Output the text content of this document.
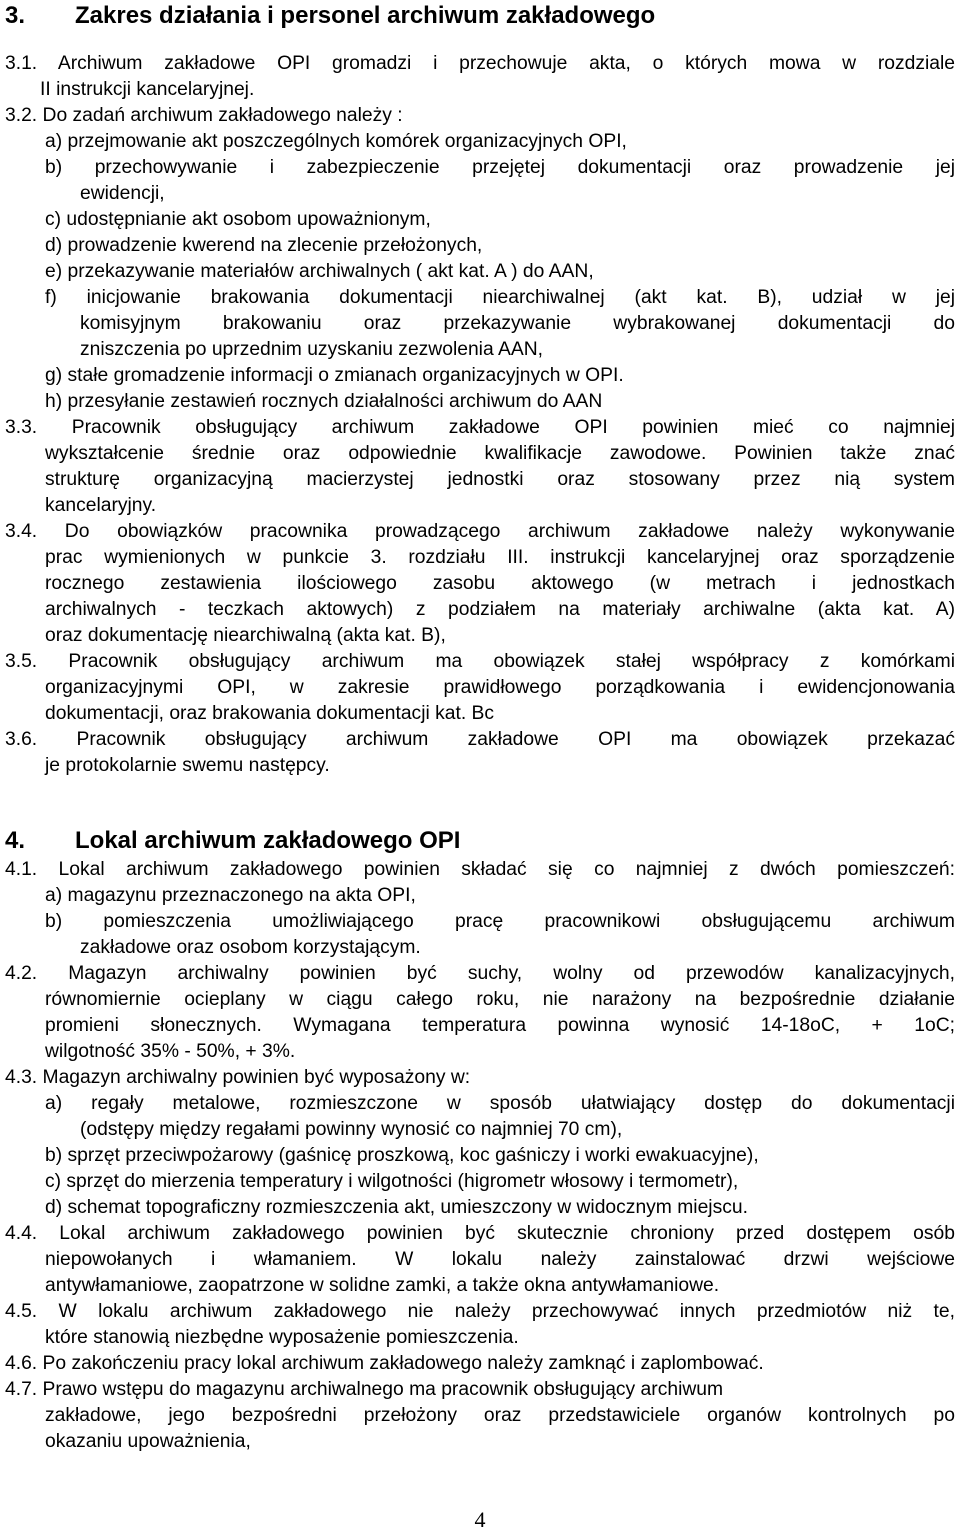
3. Zakres działania i personel archiwum zakładowego
3.1. Archiwum zakładowe OPI gromadzi i przechowuje akta, o których mowa w rozdziale
II instrukcji kancelaryjnej.
3.2. Do zadań archiwum zakładowego należy :
a) przejmowanie akt poszczególnych komórek organizacyjnych OPI,
b) przechowywanie i zabezpieczenie przejętej dokumentacji oraz prowadzenie jej
ewidencji,
c) udostępnianie akt osobom upoważnionym,
d) prowadzenie kwerend na zlecenie przełożonych,
e) przekazywanie materiałów archiwalnych ( akt kat. A ) do AAN,
f) inicjowanie brakowania dokumentacji niearchiwalnej (akt kat. B), udział w jej
komisyjnym brakowaniu oraz przekazywanie wybrakowanej dokumentacji do
zniszczenia po uprzednim uzyskaniu zezwolenia AAN,
g) stałe gromadzenie informacji o zmianach organizacyjnych w OPI.
h) przesyłanie zestawień rocznych działalności archiwum do AAN
3.3. Pracownik obsługujący archiwum zakładowe OPI powinien mieć co najmniej
wykształcenie średnie oraz odpowiednie kwalifikacje zawodowe. Powinien także znać
strukturę organizacyjną macierzystej jednostki oraz stosowany przez nią system
kancelaryjny.
3.4. Do obowiązków pracownika prowadzącego archiwum zakładowe należy wykonywanie
prac wymienionych w punkcie 3. rozdziału III. instrukcji kancelaryjnej oraz sporządzenie
rocznego zestawienia ilościowego zasobu aktowego (w metrach i jednostkach
archiwalnych - teczkach aktowych) z podziałem na materiały archiwalne (akta kat. A)
oraz dokumentację niearchiwalną (akta kat. B),
3.5. Pracownik obsługujący archiwum ma obowiązek stałej współpracy z komórkami
organizacyjnymi OPI, w zakresie prawidłowego porządkowania i ewidencjonowania
dokumentacji, oraz brakowania dokumentacji kat. Bc
3.6. Pracownik obsługujący archiwum zakładowe OPI ma obowiązek przekazać
je protokolarnie swemu następcy.
4. Lokal archiwum zakładowego OPI
4.1. Lokal archiwum zakładowego powinien składać się co najmniej z dwóch pomieszczeń:
a) magazynu przeznaczonego na akta OPI,
b) pomieszczenia umożliwiającego pracę pracownikowi obsługującemu archiwum
zakładowe oraz osobom korzystającym.
4.2. Magazyn archiwalny powinien być suchy, wolny od przewodów kanalizacyjnych,
równomiernie ocieplany w ciągu całego roku, nie narażony na bezpośrednie działanie
promieni słonecznych. Wymagana temperatura powinna wynosić 14-18oC, + 1oC;
wilgotność 35% - 50%, + 3%.
4.3. Magazyn archiwalny powinien być wyposażony w:
a) regały metalowe, rozmieszczone w sposób ułatwiający dostęp do dokumentacji
(odstępy między regałami powinny wynosić co najmniej 70 cm),
b) sprzęt przeciwpożarowy (gaśnicę proszkową, koc gaśniczy i worki ewakuacyjne),
c) sprzęt do mierzenia temperatury i wilgotności (higrometr włosowy i termometr),
d) schemat topograficzny rozmieszczenia akt, umieszczony w widocznym miejscu.
4.4. Lokal archiwum zakładowego powinien być skutecznie chroniony przed dostępem osób
niepowołanych i włamaniem. W lokalu należy zainstalować drzwi wejściowe
antywłamaniowe, zaopatrzone w solidne zamki, a także okna antywłamaniowe.
4.5. W lokalu archiwum zakładowego nie należy przechowywać innych przedmiotów niż te,
które stanowią niezbędne wyposażenie pomieszczenia.
4.6. Po zakończeniu pracy lokal archiwum zakładowego należy zamknąć i zaplombować.
4.7. Prawo wstępu do magazynu archiwalnego ma pracownik obsługujący archiwum
zakładowe, jego bezpośredni przełożony oraz przedstawiciele organów kontrolnych po
okazaniu upoważnienia,
4
